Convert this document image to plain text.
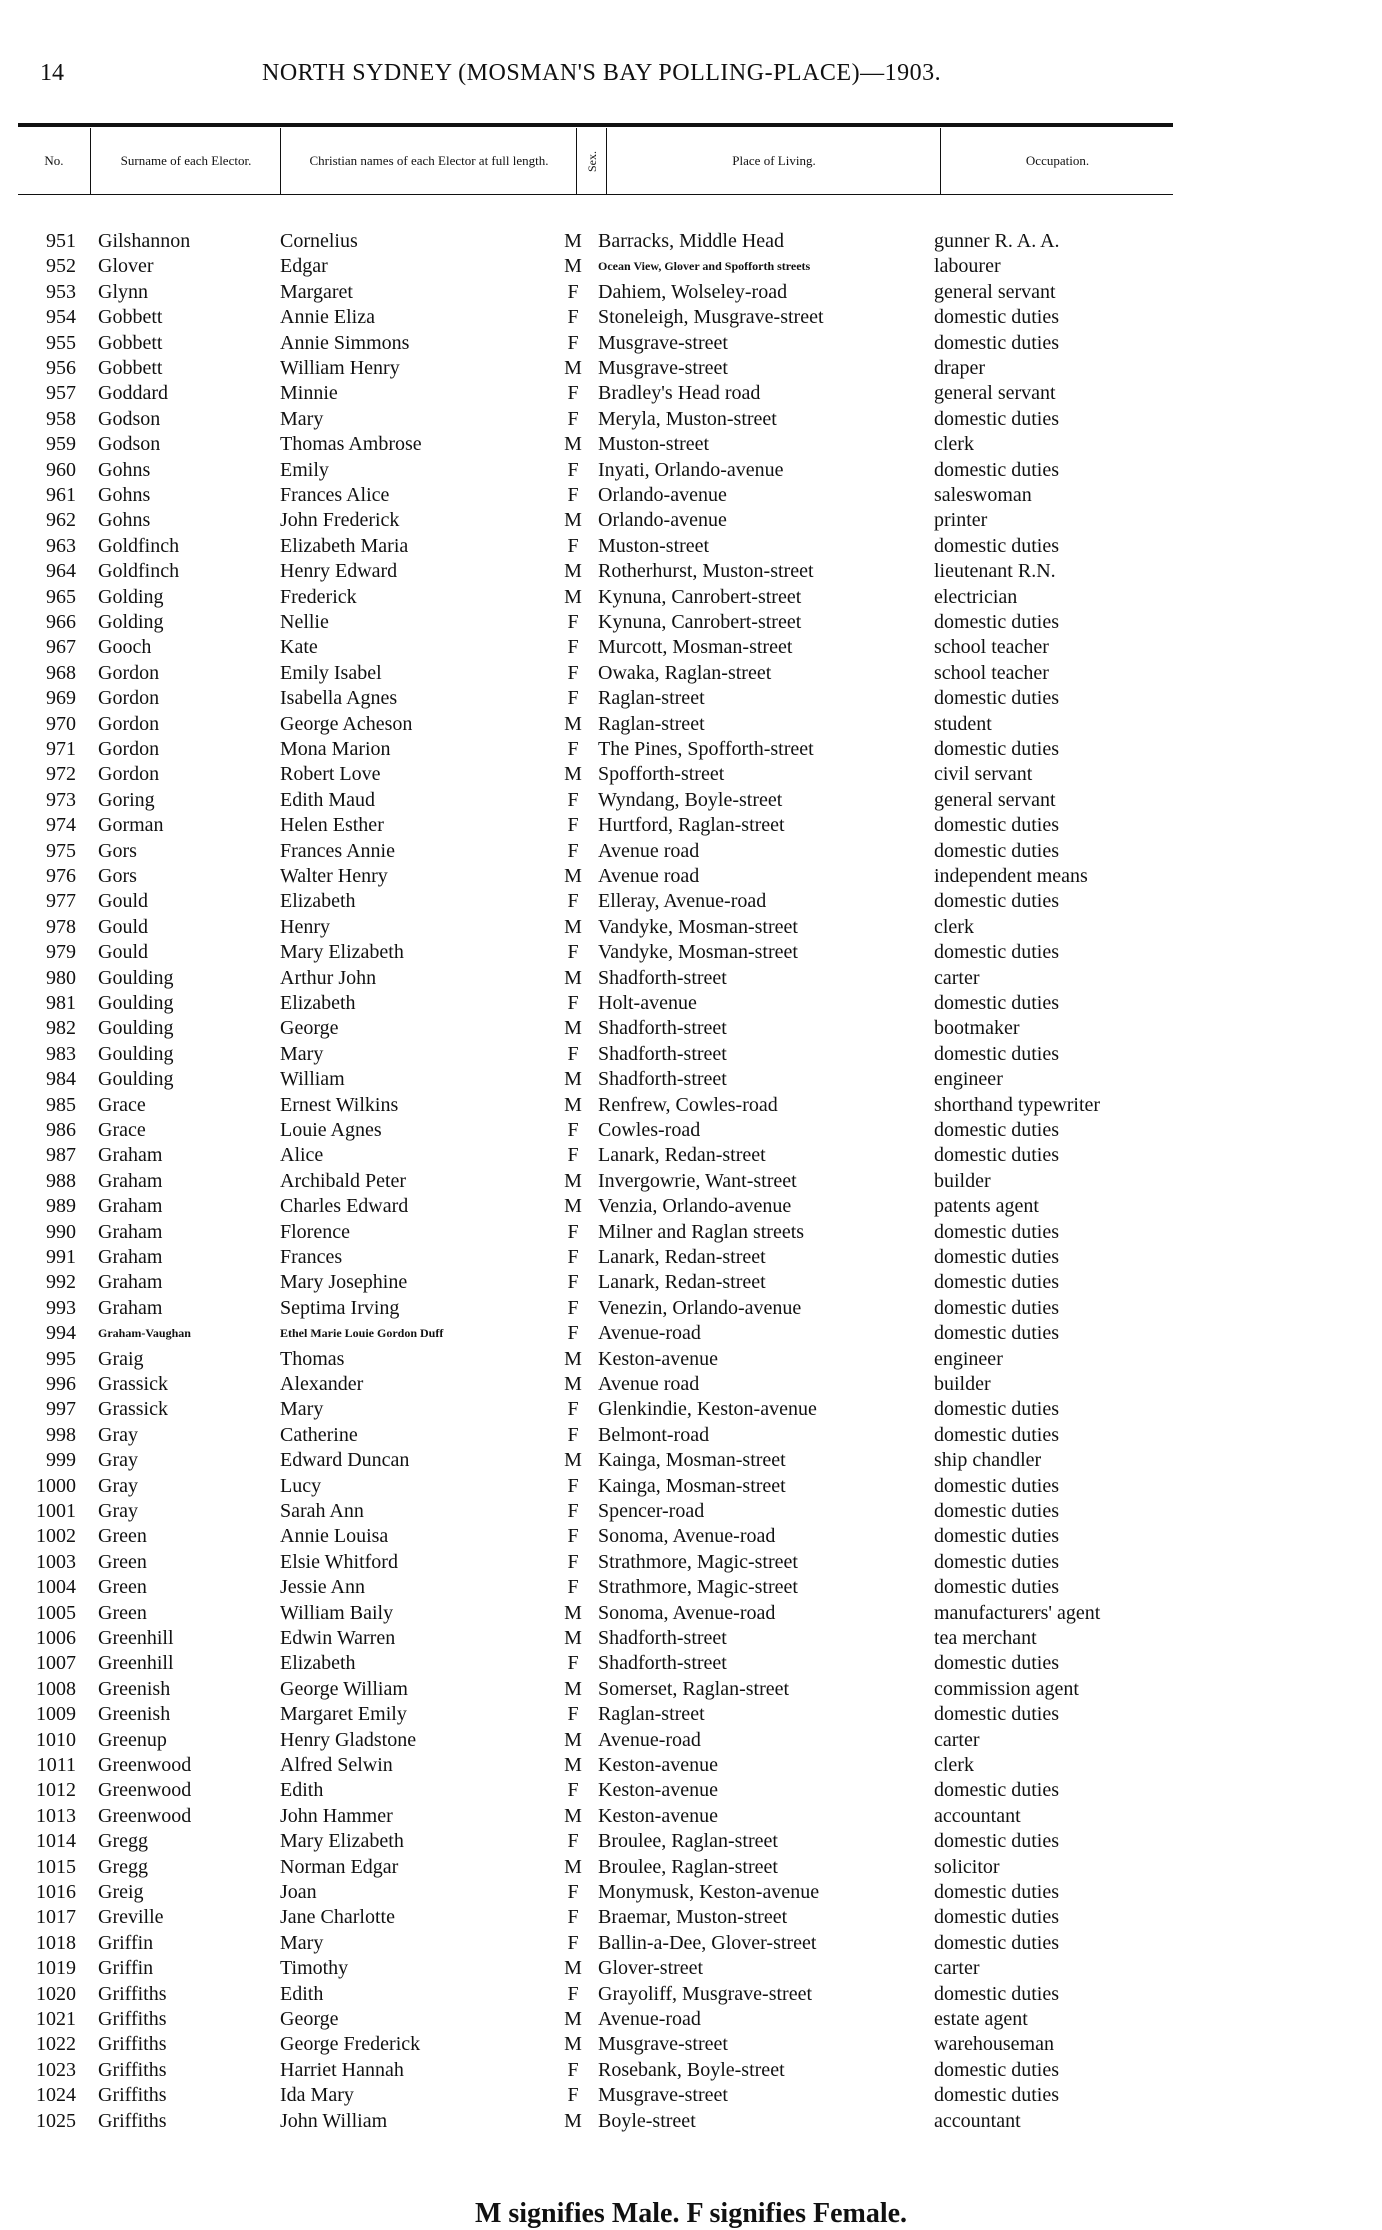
14	NORTH SYDNEY (MOSMAN'S BAY POLLING-PLACE)—1903.
No.	Surname of each Elector.	Christian names of each Elector at full length.	Sex.	Place of Living.	Occupation.
951 Gilshannon	Cornelius	M Barracks, Middle Head	gunner R. A. A.
952 Glover	Edgar	M Ocean View, Glover and Spofforth streets	labourer
953 Glynn	Margaret	F Dahiem, Wolseley-road	general servant
954 Gobbett	Annie Eliza	F Stoneleigh, Musgrave-street	domestic duties
955 Gobbett	Annie Simmons	F Musgrave-street	domestic duties
956 Gobbett	William Henry	M Musgrave-street	draper
957 Goddard	Minnie	F Bradley's Head road	general servant
958 Godson	Mary	F Meryla, Muston-street	domestic duties
959 Godson	Thomas Ambrose	M Muston-street	clerk
960 Gohns	Emily	F Inyati, Orlando-avenue	domestic duties
961 Gohns	Frances Alice	F Orlando-avenue	saleswoman
962 Gohns	John Frederick	M Orlando-avenue	printer
963 Goldfinch	Elizabeth Maria	F Muston-street	domestic duties
964 Goldfinch	Henry Edward	M Rotherhurst, Muston-street	lieutenant R.N.
965 Golding	Frederick	M Kynuna, Canrobert-street	electrician
966 Golding	Nellie	F Kynuna, Canrobert-street	domestic duties
967 Gooch	Kate	F Murcott, Mosman-street	school teacher
968 Gordon	Emily Isabel	F Owaka, Raglan-street	school teacher
969 Gordon	Isabella Agnes	F Raglan-street	domestic duties
970 Gordon	George Acheson	M Raglan-street	student
971 Gordon	Mona Marion	F The Pines, Spofforth-street	domestic duties
972 Gordon	Robert Love	M Spofforth-street	civil servant
973 Goring	Edith Maud	F Wyndang, Boyle-street	general servant
974 Gorman	Helen Esther	F Hurtford, Raglan-street	domestic duties
975 Gors	Frances Annie	F Avenue road	domestic duties
976 Gors	Walter Henry	M Avenue road	independent means
977 Gould	Elizabeth	F Elleray, Avenue-road	domestic duties
978 Gould	Henry	M Vandyke, Mosman-street	clerk
979 Gould	Mary Elizabeth	F Vandyke, Mosman-street	domestic duties
980 Goulding	Arthur John	M Shadforth-street	carter
981 Goulding	Elizabeth	F Holt-avenue	domestic duties
982 Goulding	George	M Shadforth-street	bootmaker
983 Goulding	Mary	F Shadforth-street	domestic duties
984 Goulding	William	M Shadforth-street	engineer
985 Grace	Ernest Wilkins	M Renfrew, Cowles-road	shorthand typewriter
986 Grace	Louie Agnes	F Cowles-road	domestic duties
987 Graham	Alice	F Lanark, Redan-street	domestic duties
988 Graham	Archibald Peter	M Invergowrie, Want-street	builder
989 Graham	Charles Edward	M Venzia, Orlando-avenue	patents agent
990 Graham	Florence	F Milner and Raglan streets	domestic duties
991 Graham	Frances	F Lanark, Redan-street	domestic duties
992 Graham	Mary Josephine	F Lanark, Redan-street	domestic duties
993 Graham	Septima Irving	F Venezin, Orlando-avenue	domestic duties
994 Graham-Vaughan	Ethel Marie Louie Gordon Duff	F Avenue-road	domestic duties
995 Graig	Thomas	M Keston-avenue	engineer
996 Grassick	Alexander	M Avenue road	builder
997 Grassick	Mary	F Glenkindie, Keston-avenue	domestic duties
998 Gray	Catherine	F Belmont-road	domestic duties
999 Gray	Edward Duncan	M Kainga, Mosman-street	ship chandler
1000 Gray	Lucy	F Kainga, Mosman-street	domestic duties
1001 Gray	Sarah Ann	F Spencer-road	domestic duties
1002 Green	Annie Louisa	F Sonoma, Avenue-road	domestic duties
1003 Green	Elsie Whitford	F Strathmore, Magic-street	domestic duties
1004 Green	Jessie Ann	F Strathmore, Magic-street	domestic duties
1005 Green	William Baily	M Sonoma, Avenue-road	manufacturers' agent
1006 Greenhill	Edwin Warren	M Shadforth-street	tea merchant
1007 Greenhill	Elizabeth	F Shadforth-street	domestic duties
1008 Greenish	George William	M Somerset, Raglan-street	commission agent
1009 Greenish	Margaret Emily	F Raglan-street	domestic duties
1010 Greenup	Henry Gladstone	M Avenue-road	carter
1011 Greenwood	Alfred Selwin	M Keston-avenue	clerk
1012 Greenwood	Edith	F Keston-avenue	domestic duties
1013 Greenwood	John Hammer	M Keston-avenue	accountant
1014 Gregg	Mary Elizabeth	F Broulee, Raglan-street	domestic duties
1015 Gregg	Norman Edgar	M Broulee, Raglan-street	solicitor
1016 Greig	Joan	F Monymusk, Keston-avenue	domestic duties
1017 Greville	Jane Charlotte	F Braemar, Muston-street	domestic duties
1018 Griffin	Mary	F Ballin-a-Dee, Glover-street	domestic duties
1019 Griffin	Timothy	M Glover-street	carter
1020 Griffiths	Edith	F Grayoliff, Musgrave-street	domestic duties
1021 Griffiths	George	M Avenue-road	estate agent
1022 Griffiths	George Frederick	M Musgrave-street	warehouseman
1023 Griffiths	Harriet Hannah	F Rosebank, Boyle-street	domestic duties
1024 Griffiths	Ida Mary	F Musgrave-street	domestic duties
1025 Griffiths	John William	M Boyle-street	accountant
M signifies Male. F signifies Female.
